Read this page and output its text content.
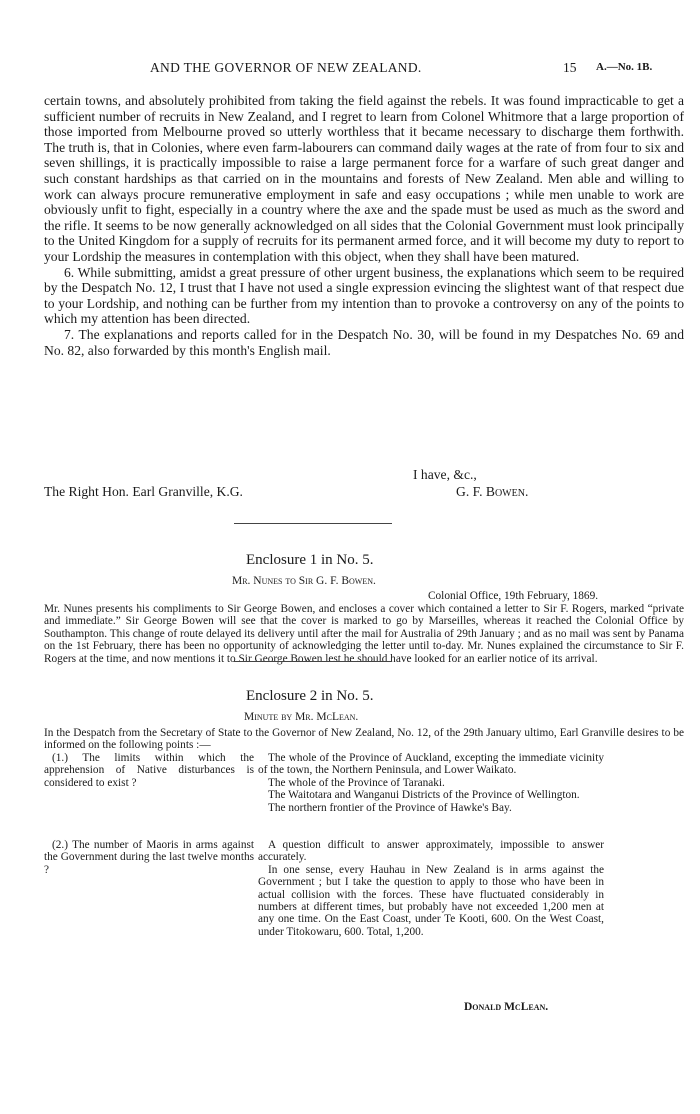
AND THE GOVERNOR OF NEW ZEALAND.	15 A.—No. 1B.

certain towns, and absolutely prohibited from taking the field against the rebels. It was found impracticable to get a sufficient number of recruits in New Zealand, and I regret to learn from Colonel Whitmore that a large proportion of those imported from Melbourne proved so utterly worthless that it became necessary to discharge them forthwith. The truth is, that in Colonies, where even farm-labourers can command daily wages at the rate of from four to six and seven shillings, it is practically impossible to raise a large permanent force for a warfare of such great danger and such constant hardships as that carried on in the mountains and forests of New Zealand. Men able and willing to work can always procure remunerative employment in safe and easy occupations ; while men unable to work are obviously unfit to fight, especially in a country where the axe and the spade must be used as much as the sword and the rifle. It seems to be now generally acknowledged on all sides that the Colonial Government must look principally to the United Kingdom for a supply of recruits for its permanent armed force, and it will become my duty to report to your Lordship the measures in contemplation with this object, when they shall have been matured.

6. While submitting, amidst a great pressure of other urgent business, the explanations which seem to be required by the Despatch No. 12, I trust that I have not used a single expression evincing the slightest want of that respect due to your Lordship, and nothing can be further from my intention than to provoke a controversy on any of the points to which my attention has been directed.

7. The explanations and reports called for in the Despatch No. 30, will be found in my Despatches No. 69 and No. 82, also forwarded by this month's English mail.

I have, &c.,
The Right Hon. Earl Granville, K.G.	G. F. Bowen.
Enclosure 1 in No. 5.
Mr. Nunes to Sir G. F. Bowen.
Colonial Office, 19th February, 1869.

Mr. Nunes presents his compliments to Sir George Bowen, and encloses a cover which contained a letter to Sir F. Rogers, marked “private and immediate.” Sir George Bowen will see that the cover is marked to go by Marseilles, whereas it reached the Colonial Office by Southampton. This change of route delayed its delivery until after the mail for Australia of 29th January ; and as no mail was sent by Panama on the 1st February, there has been no opportunity of acknowledging the letter until to-day. Mr. Nunes explained the circumstance to Sir F. Rogers at the time, and now mentions it to Sir George Bowen lest he should have looked for an earlier notice of its arrival.

Enclosure 2 in No. 5.
Minute by Mr. McLean.

In the Despatch from the Secretary of State to the Governor of New Zealand, No. 12, of the 29th January ultimo, Earl Granville desires to be informed on the following points :—

(1.) The limits within which the apprehension of Native disturbances is considered to exist ?

The whole of the Province of Auckland, excepting the immediate vicinity of the town, the Northern Peninsula, and Lower Waikato.

The whole of the Province of Taranaki.

The Waitotara and Wanganui Districts of the Province of Wellington.

The northern frontier of the Province of Hawke's Bay.

(2.) The number of Maoris in arms against the Government during the last twelve months ?

A question difficult to answer approximately, impossible to answer accurately.

In one sense, every Hauhau in New Zealand is in arms against the Government ; but I take the question to apply to those who have been in actual collision with the forces. These have fluctuated considerably in numbers at different times, but probably have not exceeded 1,200 men at any one time. On the East Coast, under Te Kooti, 600. On the West Coast, under Titokowaru, 600. Total, 1,200.

Donald McLean.
